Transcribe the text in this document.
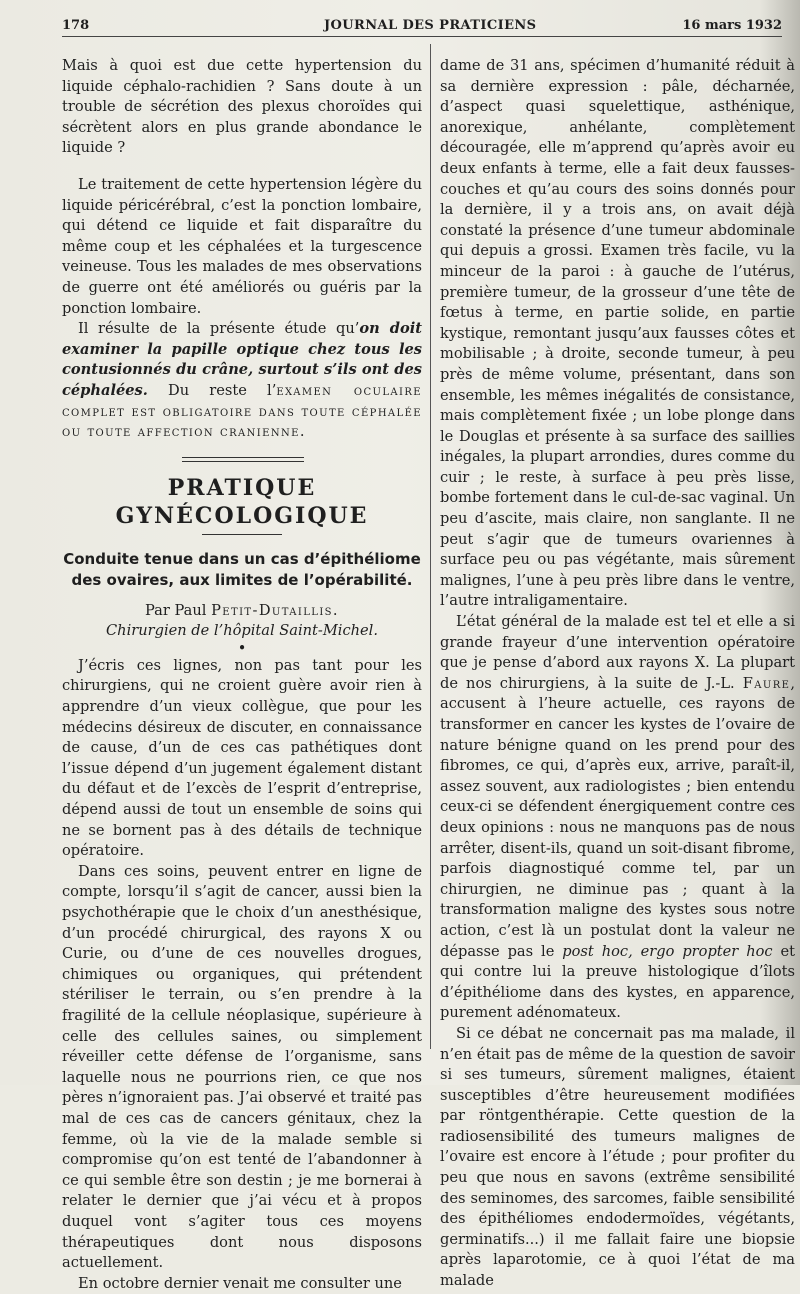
178	JOURNAL DES PRATICIENS	16 mars 1932

Mais à quoi est due cette hypertension du liquide céphalo-rachidien ? Sans doute à un trouble de sécrétion des plexus choroïdes qui sécrètent alors en plus grande abondance le liquide ?

Le traitement de cette hypertension légère du liquide péricérébral, c’est la ponction lombaire, qui détend ce liquide et fait disparaître du même coup et les céphalées et la turgescence veineuse. Tous les malades de mes observations de guerre ont été améliorés ou guéris par la ponction lombaire.

Il résulte de la présente étude qu’on doit examiner la papille optique chez tous les contusionnés du crâne, surtout s’ils ont des céphalées. Du reste l’examen oculaire complet est obligatoire dans toute céphalée ou toute affection cranienne.

PRATIQUE GYNÉCOLOGIQUE
Conduite tenue dans un cas d’épithéliome des ovaires, aux limites de l’opérabilité.
Par Paul Petit-Dutaillis.
Chirurgien de l’hôpital Saint-Michel.
•

J’écris ces lignes, non pas tant pour les chirurgiens, qui ne croient guère avoir rien à apprendre d’un vieux collègue, que pour les médecins désireux de discuter, en connaissance de cause, d’un de ces cas pathétiques dont l’issue dépend d’un jugement également distant du défaut et de l’excès de l’esprit d’entreprise, dépend aussi de tout un ensemble de soins qui ne se bornent pas à des détails de technique opératoire.

Dans ces soins, peuvent entrer en ligne de compte, lorsqu’il s’agit de cancer, aussi bien la psychothérapie que le choix d’un anesthésique, d’un procédé chirurgical, des rayons X ou Curie, ou d’une de ces nouvelles drogues, chimiques ou organiques, qui prétendent stériliser le terrain, ou s’en prendre à la fragilité de la cellule néoplasique, supérieure à celle des cellules saines, ou simplement réveiller cette défense de l’organisme, sans laquelle nous ne pourrions rien, ce que nos pères n’ignoraient pas. J’ai observé et traité pas mal de ces cas de cancers génitaux, chez la femme, où la vie de la malade semble si compromise qu’on est tenté de l’abandonner à ce qui semble être son destin ; je me bornerai à relater le dernier que j’ai vécu et à propos duquel vont s’agiter tous ces moyens thérapeutiques dont nous disposons actuellement.

En octobre dernier venait me consulter une

dame de 31 ans, spécimen d’humanité réduit à sa dernière expression : pâle, décharnée, d’aspect quasi squelettique, asthénique, anorexique, anhélante, complètement découragée, elle m’apprend qu’après avoir eu deux enfants à terme, elle a fait deux fausses-couches et qu’au cours des soins donnés pour la dernière, il y a trois ans, on avait déjà constaté la présence d’une tumeur abdominale qui depuis a grossi. Examen très facile, vu la minceur de la paroi : à gauche de l’utérus, première tumeur, de la grosseur d’une tête de fœtus à terme, en partie solide, en partie kystique, remontant jusqu’aux fausses côtes et mobilisable ; à droite, seconde tumeur, à peu près de même volume, présentant, dans son ensemble, les mêmes inégalités de consistance, mais complètement fixée ; un lobe plonge dans le Douglas et présente à sa surface des saillies inégales, la plupart arrondies, dures comme du cuir ; le reste, à surface à peu près lisse, bombe fortement dans le cul-de-sac vaginal. Un peu d’ascite, mais claire, non sanglante. Il ne peut s’agir que de tumeurs ovariennes à surface peu ou pas végétante, mais sûrement malignes, l’une à peu près libre dans le ventre, l’autre intraligamentaire.

L’état général de la malade est tel et elle a si grande frayeur d’une intervention opératoire que je pense d’abord aux rayons X. La plupart de nos chirurgiens, à la suite de J.-L. Faure, accusent à l’heure actuelle, ces rayons de transformer en cancer les kystes de l’ovaire de nature bénigne quand on les prend pour des fibromes, ce qui, d’après eux, arrive, paraît-il, assez souvent, aux radiologistes ; bien entendu ceux-ci se défendent énergiquement contre ces deux opinions : nous ne manquons pas de nous arrêter, disent-ils, quand un soit-disant fibrome, parfois diagnostiqué comme tel, par un chirurgien, ne diminue pas ; quant à la transformation maligne des kystes sous notre action, c’est là un postulat dont la valeur ne dépasse pas le post hoc, ergo propter hoc et qui contre lui la preuve histologique d’îlots d’épithéliome dans des kystes, en apparence, purement adénomateux.

Si ce débat ne concernait pas ma malade, il n’en était pas de même de la question de savoir si ses tumeurs, sûrement malignes, étaient susceptibles d’être heureusement modifiées par röntgenthérapie. Cette question de la radiosensibilité des tumeurs malignes de l’ovaire est encore à l’étude ; pour profiter du peu que nous en savons (extrême sensibilité des seminomes, des sarcomes, faible sensibilité des épithéliomes endodermoïdes, végétants, germinatifs...) il me fallait faire une biopsie après laparotomie, ce à quoi l’état de ma malade
